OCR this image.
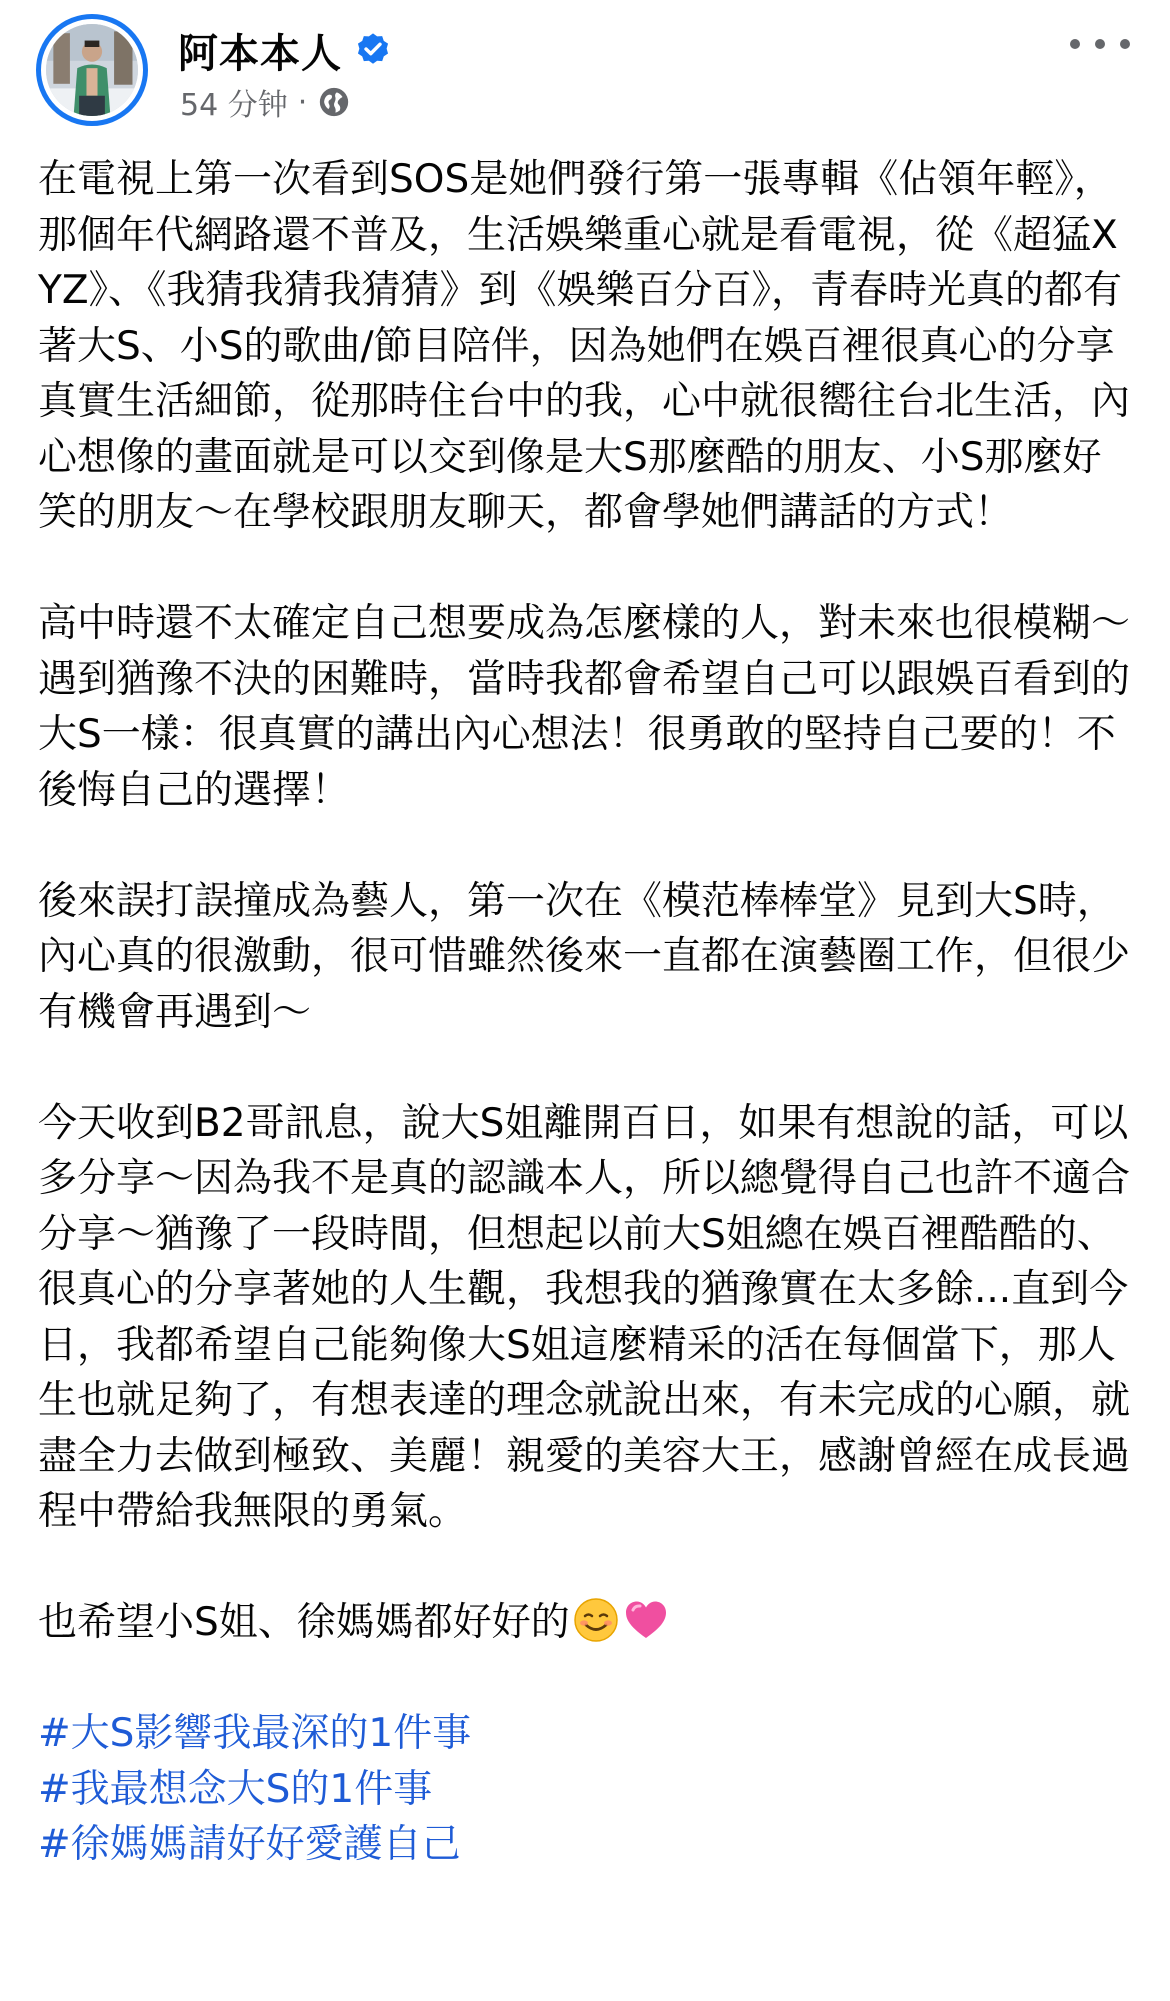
阿本本人
54 分钟 ·

在電視上第一次看到SOS是她們發行第一張專輯《佔領年輕》，那個年代網路還不普及，生活娛樂重心就是看電視，從《超猛XYZ》、《我猜我猜我猜猜》到《娛樂百分百》，青春時光真的都有著大S、小S的歌曲/節目陪伴，因為她們在娛百裡很真心的分享真實生活細節，從那時住台中的我，心中就很嚮往台北生活，內心想像的畫面就是可以交到像是大S那麼酷的朋友、小S那麼好笑的朋友～在學校跟朋友聊天，都會學她們講話的方式！

高中時還不太確定自己想要成為怎麼樣的人，對未來也很模糊～ 遇到猶豫不決的困難時，當時我都會希望自己可以跟娛百看到的大S一樣：很真實的講出內心想法！很勇敢的堅持自己要的！不後悔自己的選擇！

後來誤打誤撞成為藝人，第一次在《模范棒棒堂》見到大S時，內心真的很激動，很可惜雖然後來一直都在演藝圈工作，但很少有機會再遇到～

今天收到B2哥訊息，說大S姐離開百日，如果有想說的話，可以多分享～因為我不是真的認識本人，所以總覺得自己也許不適合分享～猶豫了一段時間，但想起以前大S姐總在娛百裡酷酷的、很真心的分享著她的人生觀，我想我的猶豫實在太多餘...直到今日，我都希望自己能夠像大S姐這麼精采的活在每個當下，那人生也就足夠了，有想表達的理念就說出來，有未完成的心願，就盡全力去做到極致、美麗！親愛的美容大王，感謝曾經在成長過程中帶給我無限的勇氣。

也希望小S姐、徐媽媽都好好的

#大S影響我最深的1件事
#我最想念大S的1件事
#徐媽媽請好好愛護自己
